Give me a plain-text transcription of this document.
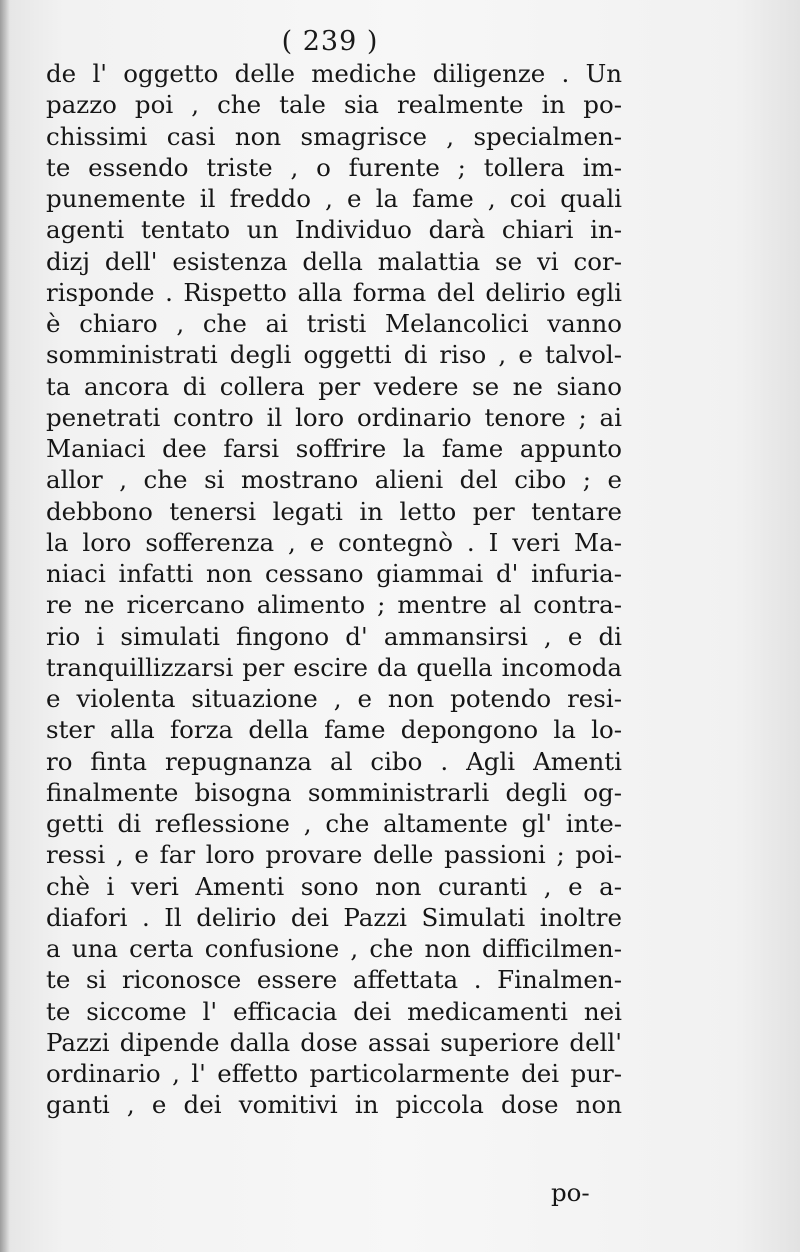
( 239 )
de l' oggetto delle mediche diligenze . Un
pazzo poi , che tale sia realmente in po-
chissimi casi non smagrisce , specialmen-
te essendo triste , o furente ; tollera im-
punemente il freddo , e la fame , coi quali
agenti tentato un Individuo darà chiari in-
dizj dell' esistenza della malattia se vi cor-
risponde . Rispetto alla forma del delirio egli
è chiaro , che ai tristi Melancolici vanno
somministrati degli oggetti di riso , e talvol-
ta ancora di collera per vedere se ne siano
penetrati contro il loro ordinario tenore ; ai
Maniaci dee farsi soffrire la fame appunto
allor , che si mostrano alieni del cibo ; e
debbono tenersi legati in letto per tentare
la loro sofferenza , e contegnò . I veri Ma-
niaci infatti non cessano giammai d' infuria-
re ne ricercano alimento ; mentre al contra-
rio i simulati fingono d' ammansirsi , e di
tranquillizzarsi per escire da quella incomoda
e violenta situazione , e non potendo resi-
ster alla forza della fame depongono la lo-
ro finta repugnanza al cibo . Agli Amenti
finalmente bisogna somministrarli degli og-
getti di reflessione , che altamente gl' inte-
ressi , e far loro provare delle passioni ; poi-
chè i veri Amenti sono non curanti , e a-
diafori . Il delirio dei Pazzi Simulati inoltre
a una certa confusione , che non difficilmen-
te si riconosce essere affettata . Finalmen-
te siccome l' efficacia dei medicamenti nei
Pazzi dipende dalla dose assai superiore dell'
ordinario , l' effetto particolarmente dei pur-
ganti , e dei vomitivi in piccola dose non
po-
